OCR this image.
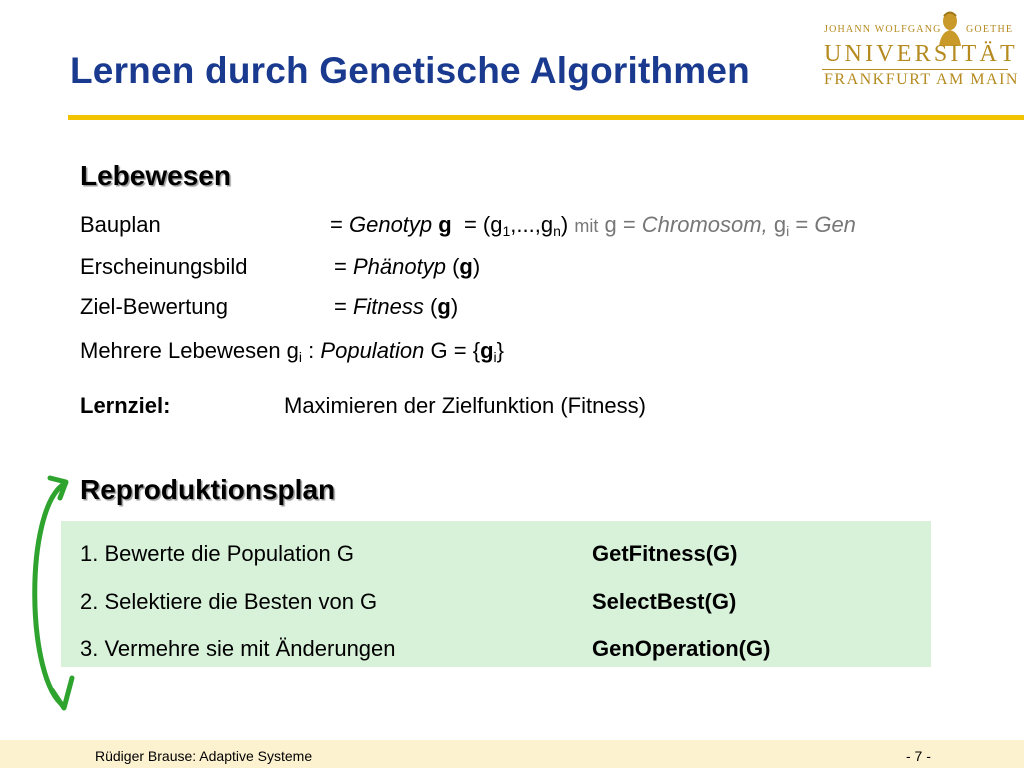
JOHANN WOLFGANG GOETHE
UNIVERSITÄT
FRANKFURT AM MAIN
Lernen durch Genetische Algorithmen
Lebewesen
Bauplan	= Genotyp $g = (g_1,...,g_n)$ mit g = Chromosom, $g_i$ = Gen
Erscheinungsbild	= Phänotyp (g)
Ziel-Bewertung	= Fitness (g)
Mehrere Lebewesen $g_i$ : Population $G = \{g_i\}$
Lernziel:	Maximieren der Zielfunktion (Fitness)
Reproduktionsplan
1. Bewerte die Population G	GetFitness(G)
2. Selektiere die Besten von G	SelectBest(G)
3. Vermehre sie mit Änderungen	GenOperation(G)
Rüdiger Brause: Adaptive Systeme	- 7 -
